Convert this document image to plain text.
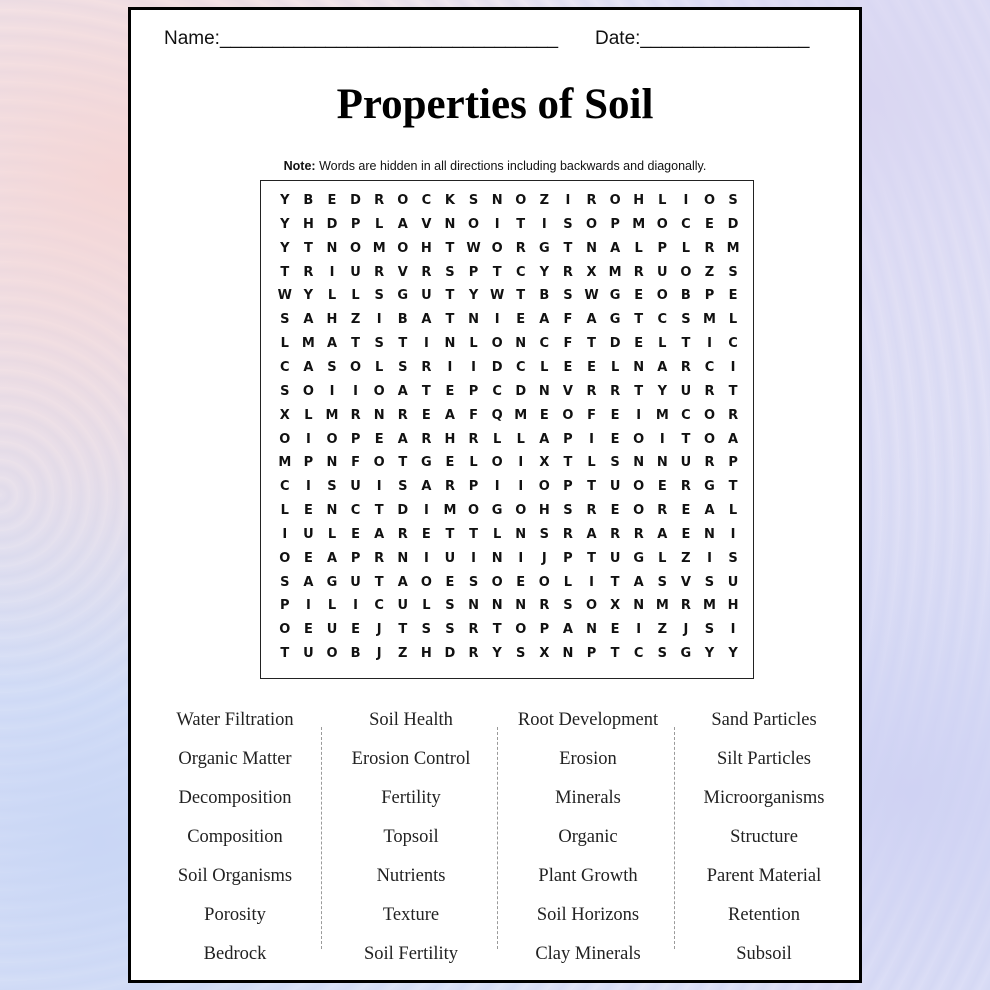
Name:________________________________ Date:________________
Properties of Soil
Note: Words are hidden in all directions including backwards and diagonally.
Y	B	E	D	R	O	C	K	S	N O	Z	I	R	O H	L	I	O	S
Y	H D	P	L	A	V	N O	I	T	I	S	O	P M O	C	E	D
Y	T	N O M O H	T W O	R	G	T	N	A	L	P	L	R M
T	R	I	U	R	V	R	S	P	T	C	Y	R	X M R	U O	Z	S
W Y	L	L	S	G U	T	Y W T	B	S W G	E	O	B	P	E
S	A	H	Z	I	B	A	T	N	I	E	A	F	A	G	T	C	S M L
L M A	T	S	T	I	N	L	O N	C	F	T	D	E	L	T	I	C
C	A	S	O	L	S	R	I	I	D	C	L	E	E	L	N	A	R	C	I
S	O	I	I	O	A	T	E	P	C	D N	V	R	R	T	Y	U	R	T
X	L M R	N	R	E	A	F	Q M E	O	F	E	I	M C	O	R
O	I	O	P	E	A	R	H	R	L	L	A	P	I	E	O	I	T	O	A
M P	N	F	O	T	G	E	L	O	I	X	T	L	S	N N U	R	P
C	I	S	U	I	S	A	R	P	I	I	O	P	T	U O	E	R	G	T
L	E	N	C	T	D	I	M O G O H	S	R	E	O	R	E	A	L
I	U	L	E	A	R	E	T	T	L	N	S	R	A	R	R	A	E	N	I
O	E	A	P	R	N	I	U	I	N	I	J	P	T	U G	L	Z	I	S
S	A	G U	T	A	O	E	S	O	E	O	L	I	T	A	S	V	S	U
P	I	L	I	C	U	L	S	N N N	R	S	O	X	N M R M H
O	E	U	E	J	T	S	S	R	T	O	P	A	N	E	I	Z	J	S	I
T	U O	B	J	Z	H D	R	Y	S	X	N	P	T	C	S	G	Y	Y
Water Filtration
Organic Matter
Decomposition
Composition
Soil Organisms
Porosity
Bedrock
Soil Health
Erosion Control
Fertility
Topsoil
Nutrients
Texture
Soil Fertility
Root Development
Erosion
Minerals
Organic
Plant Growth
Soil Horizons
Clay Minerals
Sand Particles
Silt Particles
Microorganisms
Structure
Parent Material
Retention
Subsoil
